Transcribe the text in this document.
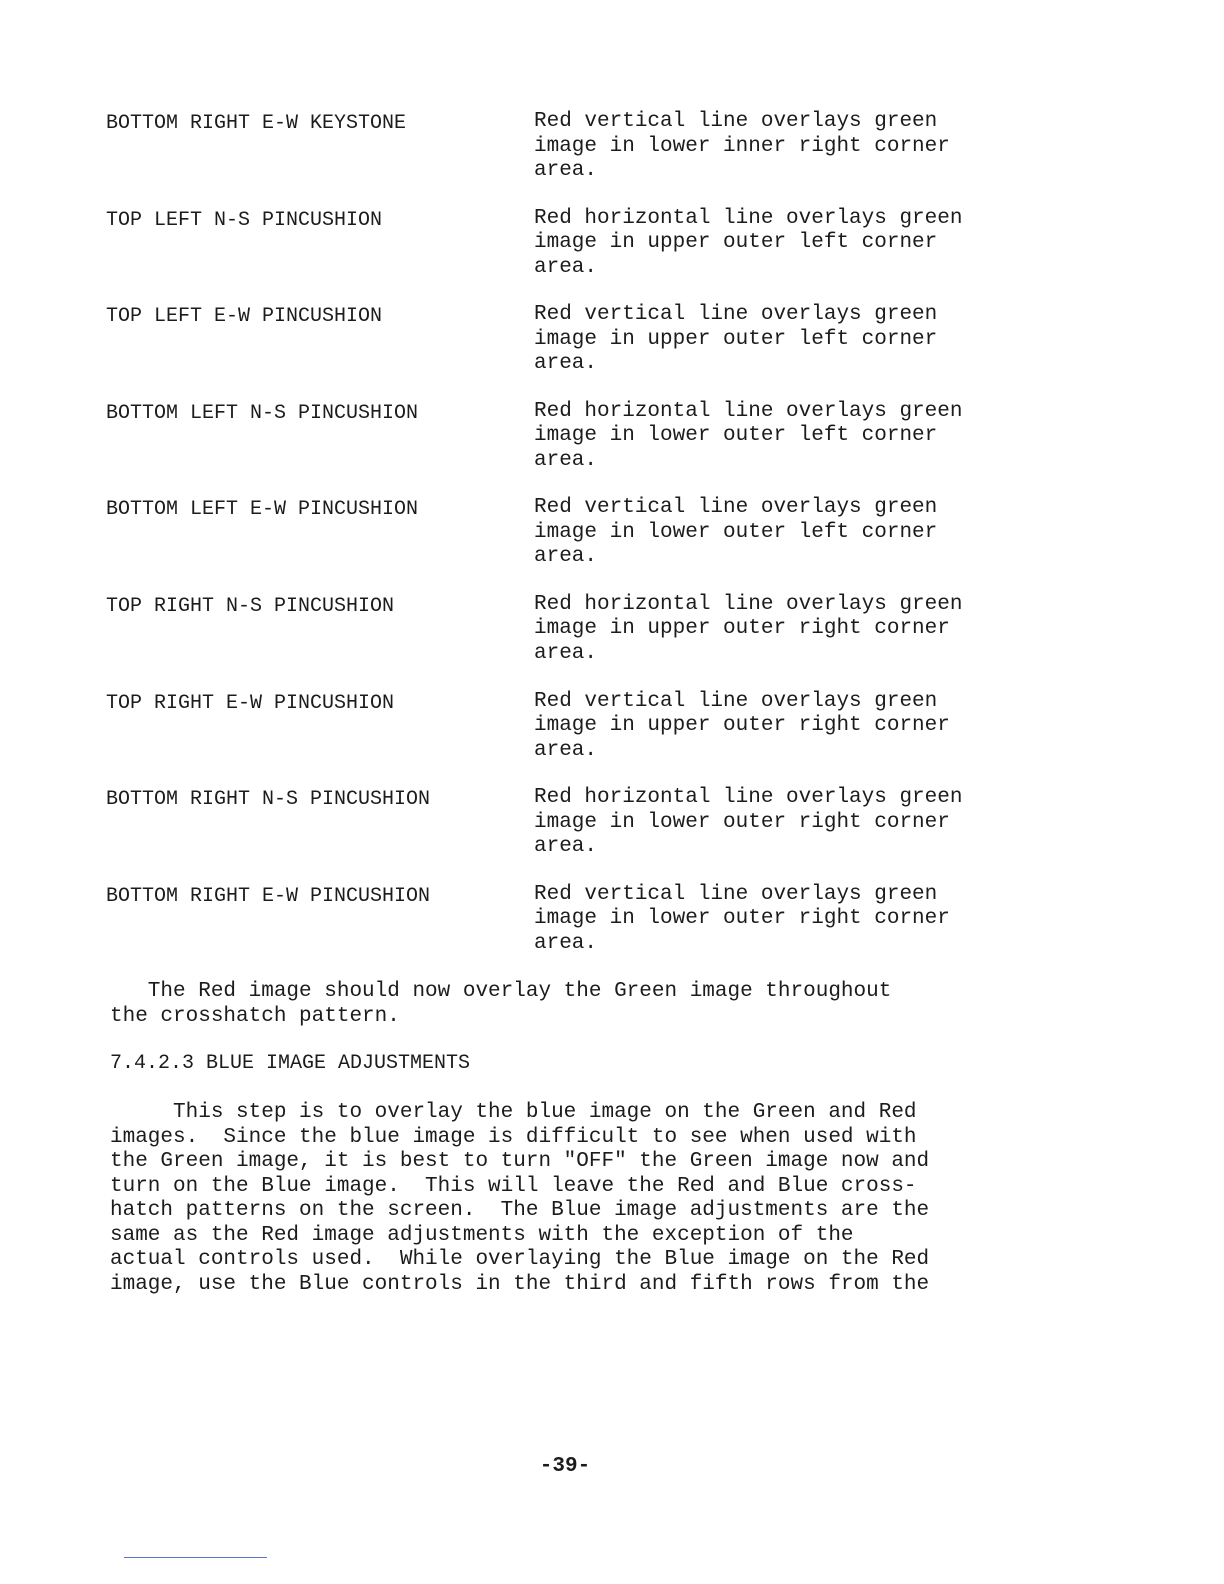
BOTTOM RIGHT E-W KEYSTONE	Red vertical line overlays green
image in lower inner right corner
area.
TOP LEFT N-S PINCUSHION	Red horizontal line overlays green
image in upper outer left corner
area.
TOP LEFT E-W PINCUSHION	Red vertical line overlays green
image in upper outer left corner
area.
BOTTOM LEFT N-S PINCUSHION	Red horizontal line overlays green
image in lower outer left corner
area.
BOTTOM LEFT E-W PINCUSHION	Red vertical line overlays green
image in lower outer left corner
area.
TOP RIGHT N-S PINCUSHION	Red horizontal line overlays green
image in upper outer right corner
area.
TOP RIGHT E-W PINCUSHION	Red vertical line overlays green
image in upper outer right corner
area.
BOTTOM RIGHT N-S PINCUSHION	Red horizontal line overlays green
image in lower outer right corner
area.
BOTTOM RIGHT E-W PINCUSHION	Red vertical line overlays green
image in lower outer right corner
area.
The Red image should now overlay the Green image throughout
the crosshatch pattern.
7.4.2.3 BLUE IMAGE ADJUSTMENTS
This step is to overlay the blue image on the Green and Red
images.  Since the blue image is difficult to see when used with
the Green image, it is best to turn "OFF" the Green image now and
turn on the Blue image.  This will leave the Red and Blue cross-
hatch patterns on the screen.  The Blue image adjustments are the
same as the Red image adjustments with the exception of the
actual controls used.  While overlaying the Blue image on the Red
image, use the Blue controls in the third and fifth rows from the
-39-
